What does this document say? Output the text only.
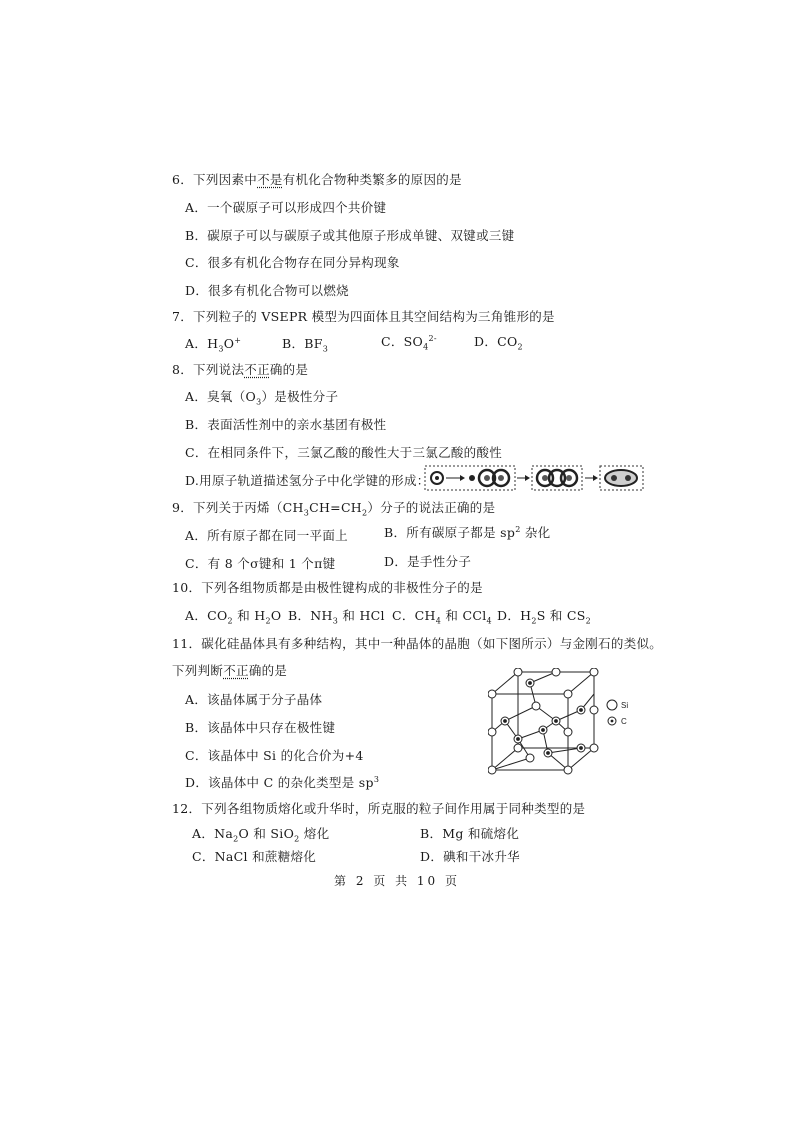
6．下列因素中不是有机化合物种类繁多的原因的是
A．一个碳原子可以形成四个共价键
B．碳原子可以与碳原子或其他原子形成单键、双键或三键
C．很多有机化合物存在同分异构现象
D．很多有机化合物可以燃烧
7．下列粒子的 VSEPR 模型为四面体且其空间结构为三角锥形的是
A．$H_3O^+$	B．$BF_3$	C．$SO_4^{2-}$	D．$CO_2$
8．下列说法不正确的是
A．臭氧$(O_3)$是极性分子
B．表面活性剂中的亲水基团有极性
C．在相同条件下，三氯乙酸的酸性大于三氯乙酸的酸性
D.用原子轨道描述氢分子中化学键的形成：
9．下列关于丙烯$(CH_3CH=CH_2)$分子的说法正确的是
A．所有原子都在同一平面上	B．所有碳原子都是 $sp^2$ 杂化
C．有 8 个σ键和 1 个π键	D．是手性分子
10．下列各组物质都是由极性键构成的非极性分子的是
A．$CO_2$ 和 $H_2O$ B．$NH_3$ 和 HCl C．$CH_4$ 和 CCl$_4$ D．$H_2S$ 和 $CS_2$
11．碳化硅晶体具有多种结构，其中一种晶体的晶胞（如下图所示）与金刚石的类似。
下列判断不正确的是
A．该晶体属于分子晶体
B．该晶体中只存在极性键
C．该晶体中 Si 的化合价为+4
D．该晶体中 C 的杂化类型是 $sp^3$
Si
C
12．下列各组物质熔化或升华时，所克服的粒子间作用属于同种类型的是
A．$Na_2O$ 和 SiO$_2$ 熔化	B．Mg 和硫熔化
C．NaCl 和蔗糖熔化	D．碘和干冰升华
第 2 页 共 10 页
